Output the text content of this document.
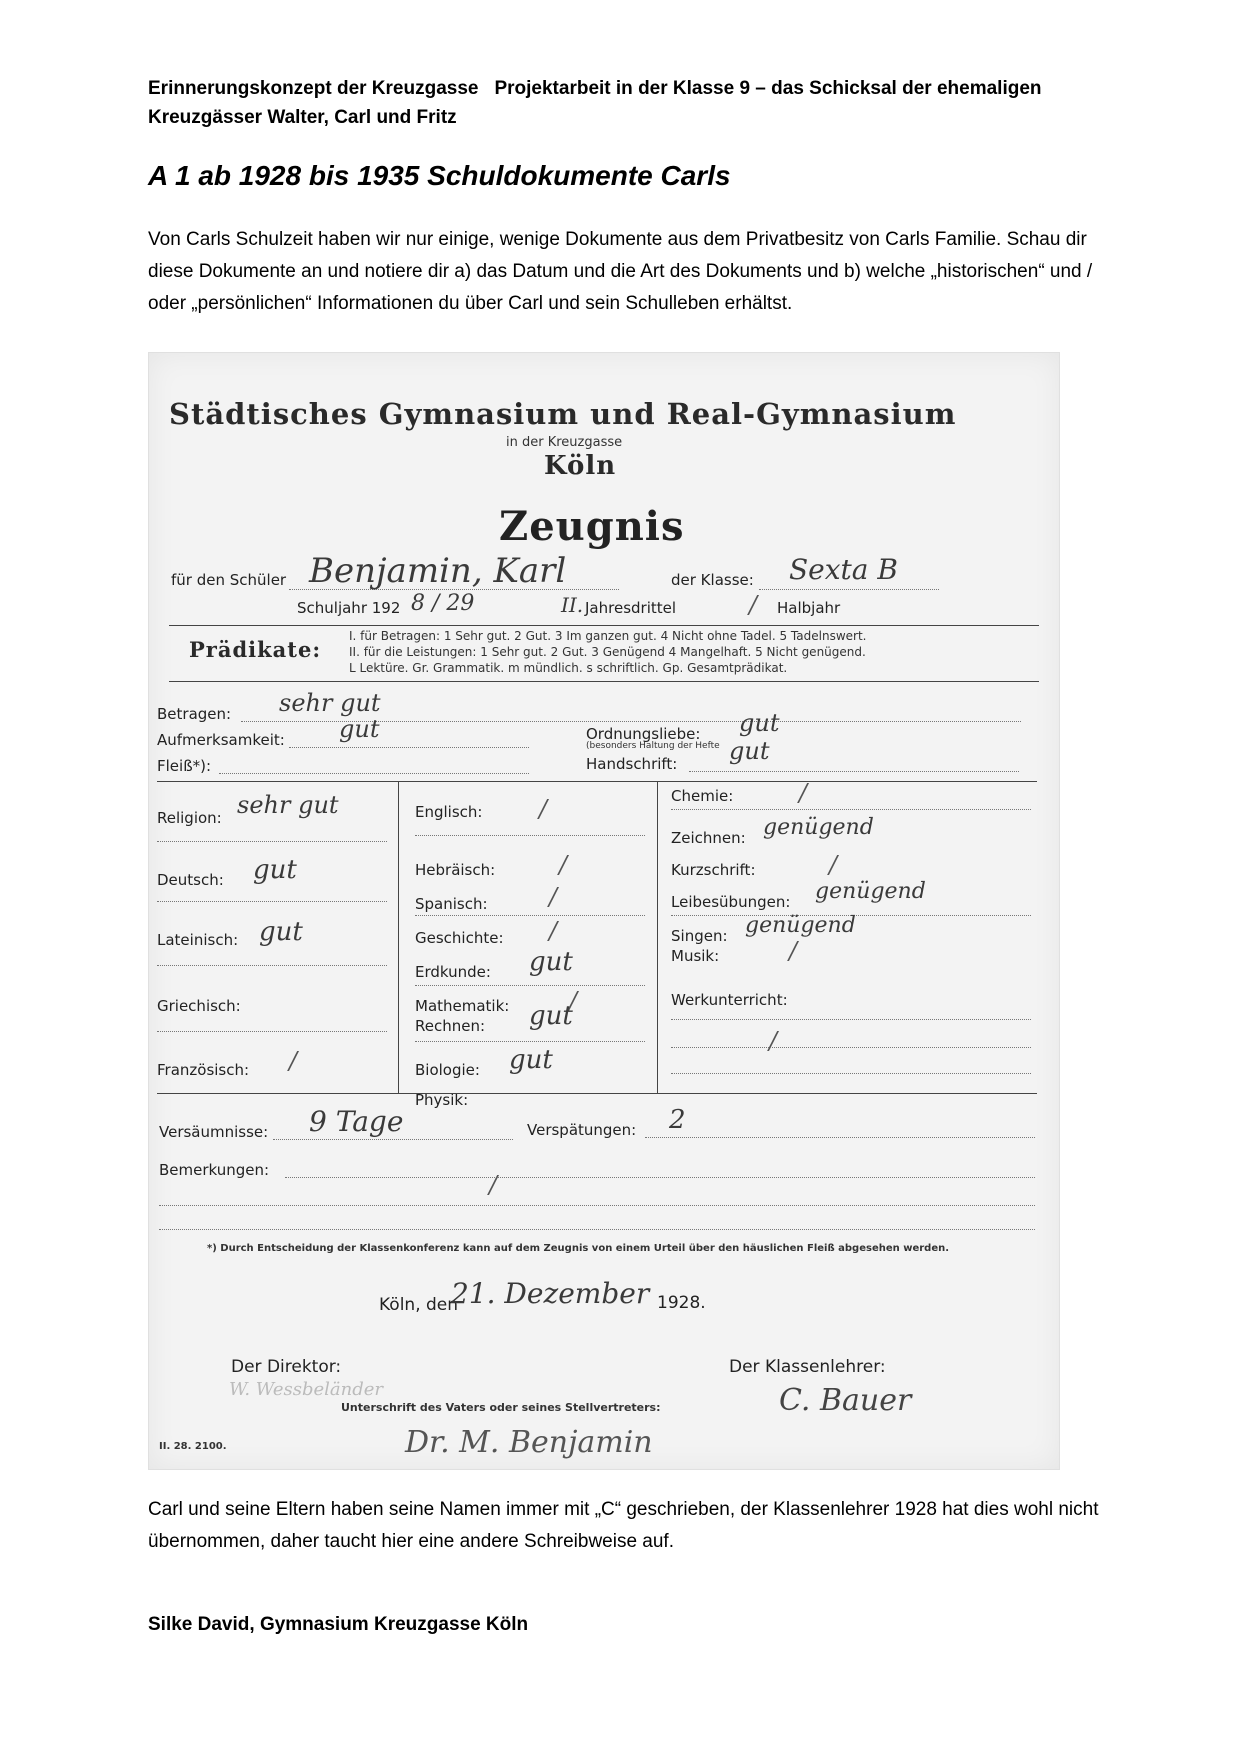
Erinnerungskonzept der Kreuzgasse Projektarbeit in der Klasse 9 – das Schicksal der ehemaligen
Kreuzgässer Walter, Carl und Fritz
A 1 ab 1928 bis 1935 Schuldokumente Carls
Von Carls Schulzeit haben wir nur einige, wenige Dokumente aus dem Privatbesitz von Carls Familie. Schau dir diese Dokumente an und notiere dir a) das Datum und die Art des Dokuments und b) welche „historischen“ und / oder „persönlichen“ Informationen du über Carl und sein Schulleben erhältst.
Städtisches Gymnasium und Real-Gymnasium
in der Kreuzgasse
Köln
Zeugnis
für den Schüler Benjamin, Karl	der Klasse: Sexta B
Schuljahr 192 8 / 29	II. Jahresdrittel	/ Halbjahr
Prädikate:
I. für Betragen: 1 Sehr gut. 2 Gut. 3 Im ganzen gut. 4 Nicht ohne Tadel. 5 Tadelnswert.
II. für die Leistungen: 1 Sehr gut. 2 Gut. 3 Genügend 4 Mangelhaft. 5 Nicht genügend.
L Lektüre. Gr. Grammatik. m mündlich. s schriftlich. Gp. Gesamtprädikat.
Betragen: sehr gut
Aufmerksamkeit: gut	Ordnungsliebe:
(besonders Haltung der Hefte
gut
Fleiß*):	Handschrift: gut
Religion: sehr gut
Deutsch: gut
Lateinisch: gut
Griechisch:
Französisch: /
Englisch: /
Hebräisch:	/
Spanisch:	/
Geschichte: /
Erdkunde: gut
Mathematik: /
Rechnen: gut
Biologie: gut
Physik:
Chemie:	/
Zeichnen: genügend
Kurzschrift:	/
Leibesübungen: genügend
Singen: genügend
Musik:	/
Werkunterricht:
/
Versäumnisse: 9 Tage	Verspätungen: 2
Bemerkungen:
/
*) Durch Entscheidung der Klassenkonferenz kann auf dem Zeugnis von einem Urteil über den häuslichen Fleiß abgesehen werden.
Köln, den
21. Dezember 1928.
Der Direktor:
W. Wessbeländer
Der Klassenlehrer:
C. Bauer
Unterschrift des Vaters oder seines Stellvertreters:
Dr. M. Benjamin
II. 28. 2100.
Carl und seine Eltern haben seine Namen immer mit „C“ geschrieben, der Klassenlehrer 1928 hat dies wohl nicht übernommen, daher taucht hier eine andere Schreibweise auf.
Silke David, Gymnasium Kreuzgasse Köln
